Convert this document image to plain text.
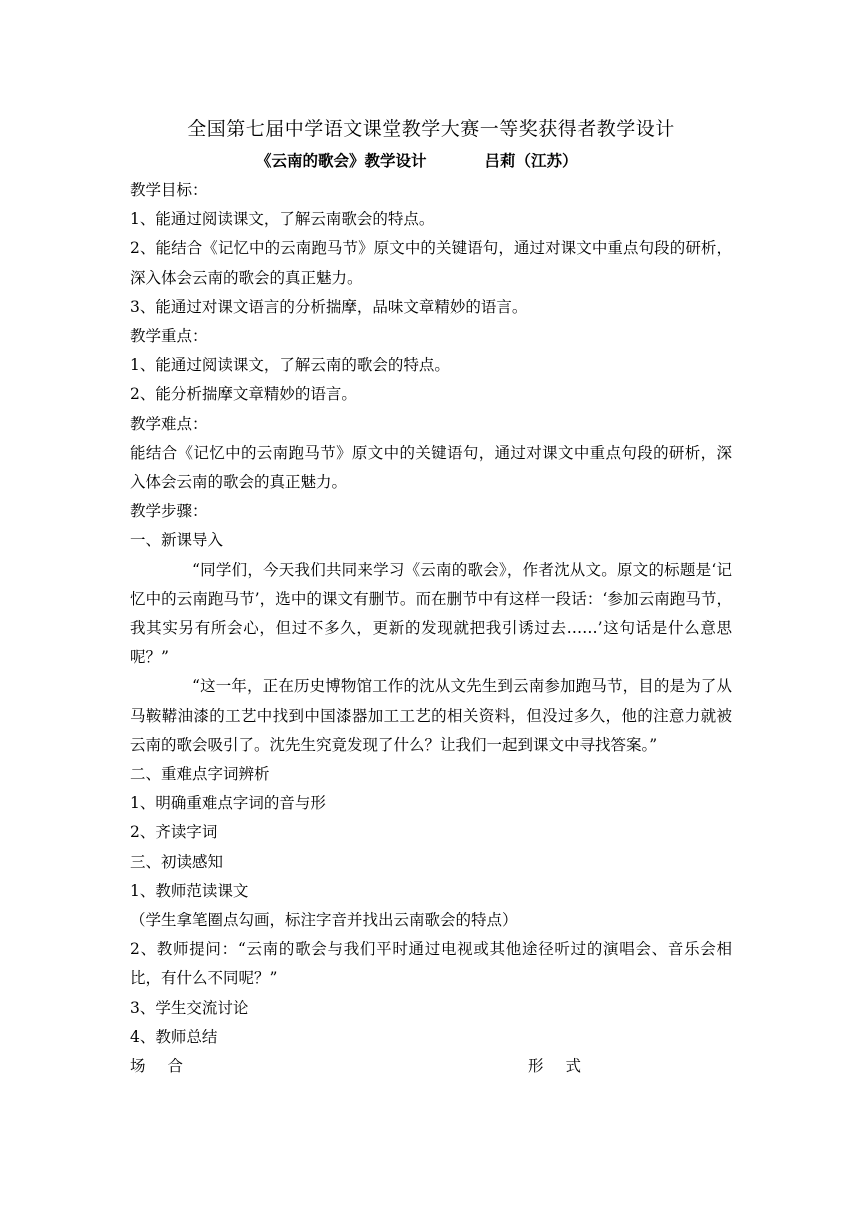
全国第七届中学语文课堂教学大赛一等奖获得者教学设计
《云南的歌会》教学设计	吕莉（江苏）

教学目标：

1、能通过阅读课文，了解云南歌会的特点。

2、能结合《记忆中的云南跑马节》原文中的关键语句，通过对课文中重点句段的研析，深入体会云南的歌会的真正魅力。

3、能通过对课文语言的分析揣摩，品味文章精妙的语言。

教学重点：

1、能通过阅读课文，了解云南的歌会的特点。

2、能分析揣摩文章精妙的语言。

教学难点：

能结合《记忆中的云南跑马节》原文中的关键语句，通过对课文中重点句段的研析，深入体会云南的歌会的真正魅力。

教学步骤：

一、新课导入

“同学们，今天我们共同来学习《云南的歌会》，作者沈从文。原文的标题是‘记忆中的云南跑马节’，选中的课文有删节。而在删节中有这样一段话：‘参加云南跑马节，我其实另有所会心，但过不多久，更新的发现就把我引诱过去……’这句话是什么意思呢？”

“这一年，正在历史博物馆工作的沈从文先生到云南参加跑马节，目的是为了从马鞍鞯油漆的工艺中找到中国漆器加工工艺的相关资料，但没过多久，他的注意力就被云南的歌会吸引了。沈先生究竟发现了什么？让我们一起到课文中寻找答案。”

二、重难点字词辨析

1、明确重难点字词的音与形

2、齐读字词

三、初读感知

1、教师范读课文

（学生拿笔圈点勾画，标注字音并找出云南歌会的特点）

2、教师提问：“云南的歌会与我们平时通过电视或其他途径听过的演唱会、音乐会相比，有什么不同呢？”

3、学生交流讨论

4、教师总结

场合	形式
